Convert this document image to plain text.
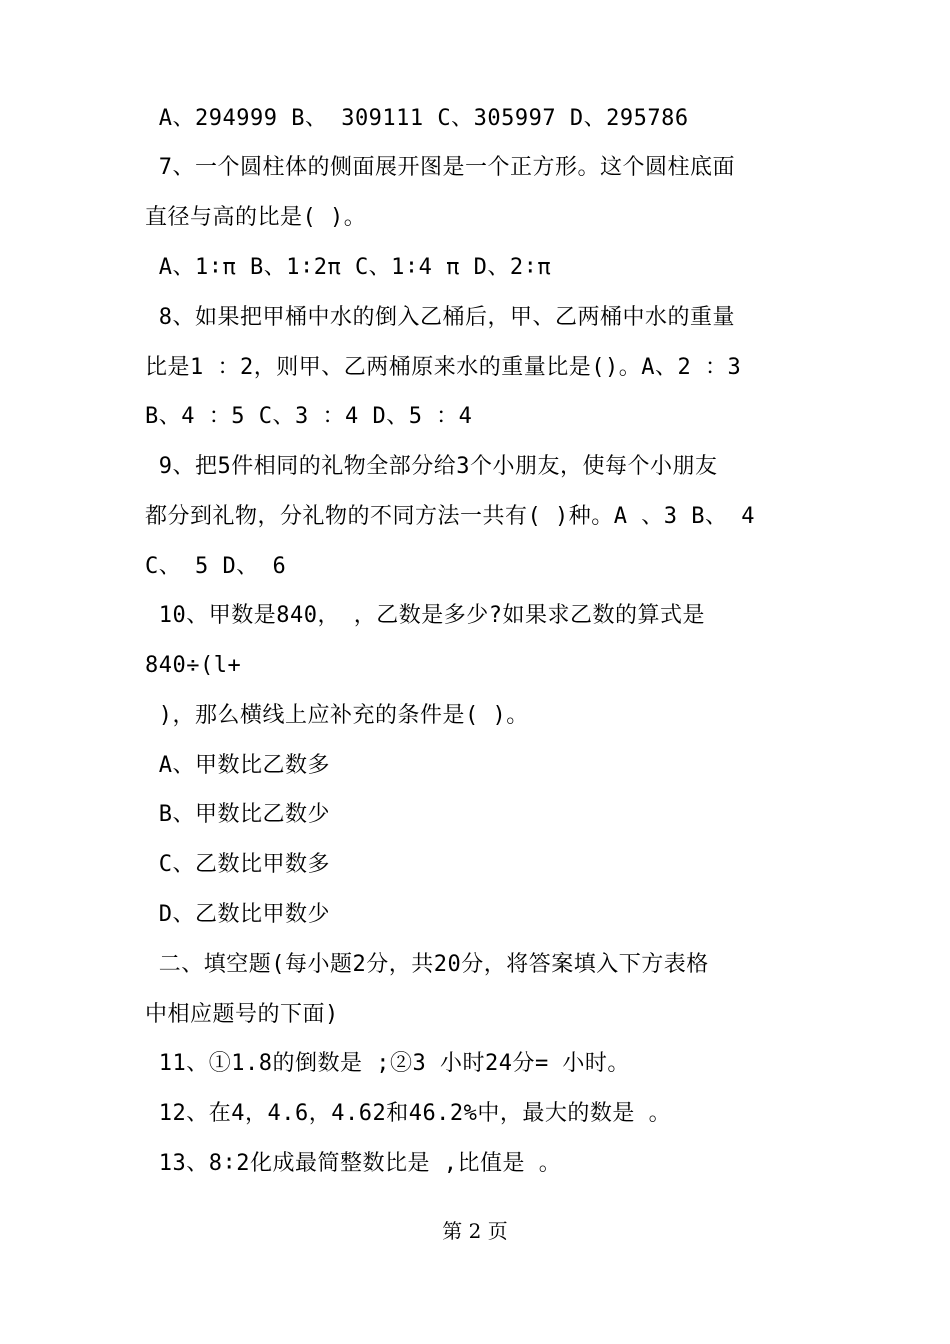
A、294999 B、 309111 C、305997 D、295786
7、一个圆柱体的侧面展开图是一个正方形。这个圆柱底面
直径与高的比是( )。
A、1∶π B、1∶2π C、1∶4 π D、2∶π
8、如果把甲桶中水的倒入乙桶后，甲、乙两桶中水的重量
比是1 ：2，则甲、乙两桶原来水的重量比是()。A、2 ：3
B、4 ：5 C、3 ：4 D、5 ：4
9、把5件相同的礼物全部分给3个小朋友，使每个小朋友
都分到礼物，分礼物的不同方法一共有( )种。A 、3 B、 4
C、 5 D、 6
10、甲数是840， ，乙数是多少?如果求乙数的算式是
840÷(l+
)，那么横线上应补充的条件是( )。
A、甲数比乙数多
B、甲数比乙数少
C、乙数比甲数多
D、乙数比甲数少
二、填空题(每小题2分，共20分，将答案填入下方表格
中相应题号的下面)
11、①1.8的倒数是 ;②3 小时24分= 小时。
12、在4，4.6，4.62和46.2%中，最大的数是 。
13、8∶2化成最简整数比是 ,比值是 。
第 2 页
